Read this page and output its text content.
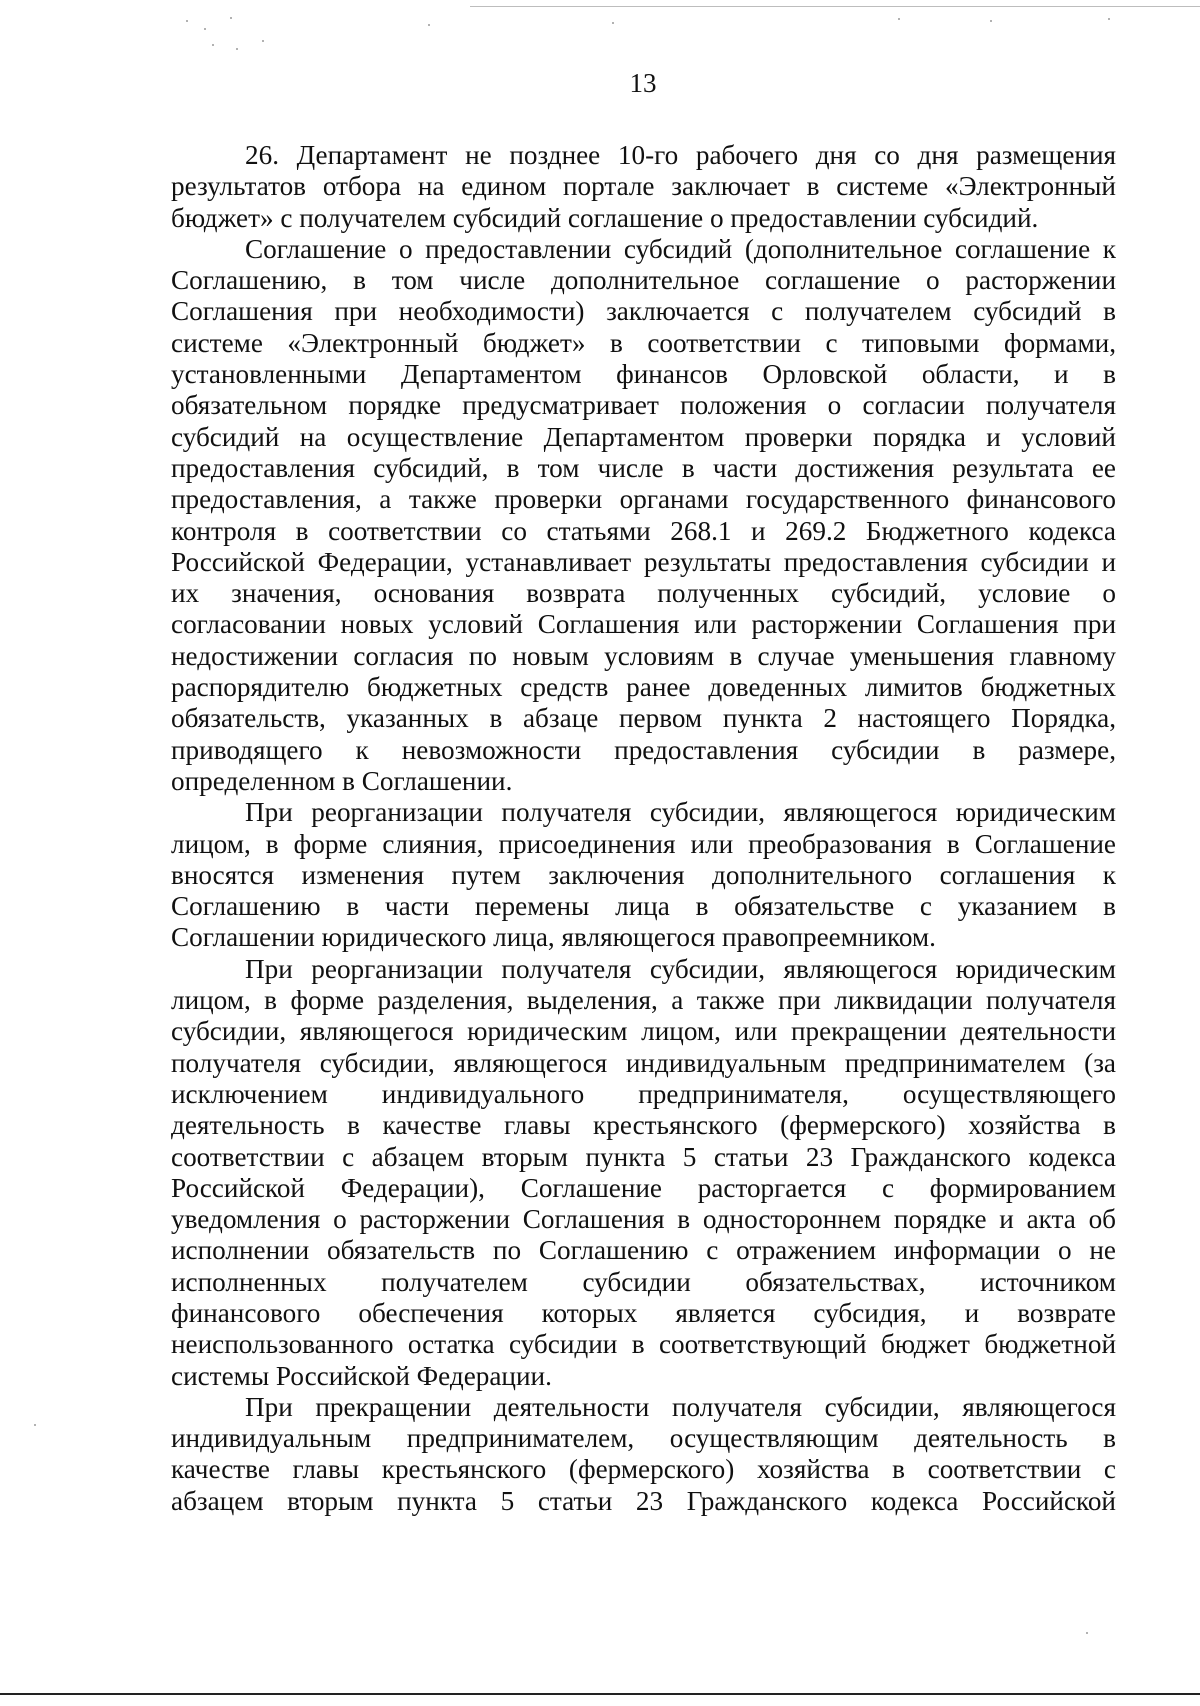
13

26. Департамент не позднее 10-го рабочего дня со дня размещения
результатов отбора на едином портале заключает в системе «Электронный
бюджет» с получателем субсидий соглашение о предоставлении субсидий.

Соглашение о предоставлении субсидий (дополнительное соглашение к
Соглашению, в том числе дополнительное соглашение о расторжении
Соглашения при необходимости) заключается с получателем субсидий в
системе «Электронный бюджет» в соответствии с типовыми формами,
установленными Департаментом финансов Орловской области, и в
обязательном порядке предусматривает положения о согласии получателя
субсидий на осуществление Департаментом проверки порядка и условий
предоставления субсидий, в том числе в части достижения результата ее
предоставления, а также проверки органами государственного финансового
контроля в соответствии со статьями 268.1 и 269.2 Бюджетного кодекса
Российской Федерации, устанавливает результаты предоставления субсидии и
их значения, основания возврата полученных субсидий, условие о
согласовании новых условий Соглашения или расторжении Соглашения при
недостижении согласия по новым условиям в случае уменьшения главному
распорядителю бюджетных средств ранее доведенных лимитов бюджетных
обязательств, указанных в абзаце первом пункта 2 настоящего Порядка,
приводящего к невозможности предоставления субсидии в размере,
определенном в Соглашении.

При реорганизации получателя субсидии, являющегося юридическим
лицом, в форме слияния, присоединения или преобразования в Соглашение
вносятся изменения путем заключения дополнительного соглашения к
Соглашению в части перемены лица в обязательстве с указанием в
Соглашении юридического лица, являющегося правопреемником.

При реорганизации получателя субсидии, являющегося юридическим
лицом, в форме разделения, выделения, а также при ликвидации получателя
субсидии, являющегося юридическим лицом, или прекращении деятельности
получателя субсидии, являющегося индивидуальным предпринимателем (за
исключением индивидуального предпринимателя, осуществляющего
деятельность в качестве главы крестьянского (фермерского) хозяйства в
соответствии с абзацем вторым пункта 5 статьи 23 Гражданского кодекса
Российской Федерации), Соглашение расторгается с формированием
уведомления о расторжении Соглашения в одностороннем порядке и акта об
исполнении обязательств по Соглашению с отражением информации о не
исполненных получателем субсидии обязательствах, источником
финансового обеспечения которых является субсидия, и возврате
неиспользованного остатка субсидии в соответствующий бюджет бюджетной
системы Российской Федерации.

При прекращении деятельности получателя субсидии, являющегося
индивидуальным предпринимателем, осуществляющим деятельность в
качестве главы крестьянского (фермерского) хозяйства в соответствии с
абзацем вторым пункта 5 статьи 23 Гражданского кодекса Российской
